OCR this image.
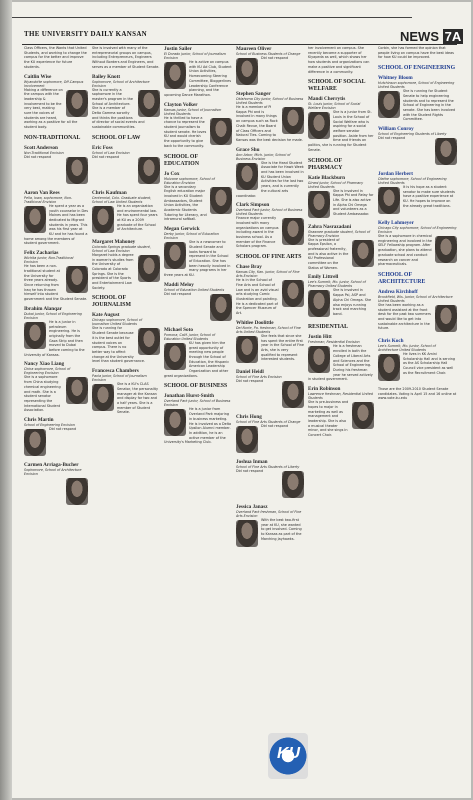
THE UNIVERSITY DAILY KANSAN	NEWS 7A
Class Officers, the Wants that United Students, and working to change the campus for the better and improve the KU experience for future students.
Caitlin Wise
Wyandotte sophomore, Off-Campus Involvement
Making a difference on the campus with the leadership & involvement to be the very best, making sure the voices of students are heard, working as a positive for all the student body.
NON-TRADITIONAL
Scott Anderson
Non-Traditional Envision
Did not respond
Aaron Van Rees
Pella, Iowa, sophomore, Non-Traditional Envision
He spent a year as a youth counselor in Des Moines and has been dedicated to Migrant students in years. This was his first year at KU and he has found a home among the members of student government.
Felix Zacharias
Wichita junior, Non-Traditional Envision
He has been a non-traditional student at the University for three years already. Since returning from Iraq he has thrown himself into student government and the Student Senate.
Ibrahim Alanqar
Dubai junior, School of Engineering Envision
He is a junior in petroleum engineering. He is originally from the Gaza Strip and then moved to Dubai before coming to the University of Kansas.
Nancy Xiao Liang
China sophomore, School of Engineering Envision
She is a sophomore from China studying chemical engineering and math. She is a student senator representing the International Student Association.
Chris Martin
School of Engineering Envision
Did not respond
Carmen Arriaga-Bucher
Sophomore, School of Architecture Envision
She is involved with many of the entrepreneurial groups on campus, including Entrepreneurs, Engineers Without Borders and Engineers, and serves as a member of Student Senate.
Bailey Knott
Sophomore, School of Architecture Envision
She is currently a sophomore in the master's program in the School of Architecture. She is a member of Delta Gamma sorority and thinks the positions of director of social events and sustainable communities.
SCHOOL OF LAW
Eric Foss
School of Law Envision
Did not respond
Chris Kaufman
Centennial, Colo. Graduate student, School of Law United Students
He is an organization and environmental law. He has spent four years at KU as a 2009 graduate of the School of Architecture.
Margaret Mahoney
Colorado Springs graduate student, School of Law Envision
Margaret holds a degree in women's studies from the University of Colorado at Colorado Springs. She is the president of the Sports and Entertainment Law Society.
SCHOOL OF JOURNALISM
Kate August
Chicago sophomore, School of Journalism United Students
She is running for Student Senate because it is the best outlet for student voices on campus. There is no better way to affect change at the University level than student governance.
Francesca Chambers
Paola junior, School of Journalism Envision
She is a KU's CLAS Senator, the personality manager at the Kansan and display for two and a half years. She is a member of Student Senate.
Justin Sailer
El Dorado junior, School of Journalism Envision
He is active on campus with KU Ad Club, Student Union Activities, Homecoming Steering Committee, Bloggerlines Leadership Conference planning, and the upcoming Dance Marathon.
Clayton Volker
Kansas junior, School of Journalism United Students
He is thrilled to have a chance to represent the student journalism to student senate. He loves KU and would cherish the opportunity to give back to the community.
SCHOOL OF EDUCATION
Jo Cox
Mulvane sophomore, School of Education Envision
She is a secondary English education major involved in KU Student Ambassadors, Student Union Activities, the Academic Students Tutoring for Literacy, and intramural softball.
Megan Gerwick
Derby junior, School of Education Envision
She is a newcomer to Student Senate and looks forward to represent in the School of Education. She has been heavily involved in many programs in her three years at KU.
Maddi Meloy
School of Education United Students
Did not respond
Michael Soto
Pomona, Calif. junior, School of Education United Students
KU has given him the great opportunity of meeting new people through the School of Education, the Hispanic American Leadership Organization and other great organizations.
SCHOOL OF BUSINESS
Jonathan Hurst-Smith
Overland Park junior, School of Business Envision
He is a junior from Overland Park majoring in business marketing. He is involved as a Delta Upsilon Alumni member. In addition, he is an active member of the University's Marketing Club.
Maureen Oliver
School of Business Students of Change
Did not respond
Stephen Sanger
Oklahoma City junior, School of Business United Students
He is a member of Pi Kappa Phi and is involved in many things on campus such as Rock Chalk Revue, the Board of Class Officers and Natural Ties. Coming to Kansas was the best decision he made.
Grace Shu
Ann Arbor, Mich. junior, School of Business Envision
She is the Head Student Associate for Hawk Week and has been involved in KU Student Union Activities for the last two years, and is currently the cultural arts coordinator.
Clark Simpson
Overland Park junior, School of Business United Students
Finance major currently involved with many organizations on campus including award in the business school. As a member of the Finance Scholars program.
SCHOOL OF FINE ARTS
Chase Bray
Kansas City, Kan. junior, School of Fine Arts Envision
He is in the School of Fine Arts and School of Law and is an avid visual arts studying Comic illustration and painting. He is a dedicated part of the Spencer Museum of Art.
Whitlee Doolittle
Del Norte, Pa. freshman, School of Fine Arts United Students
She feels that since she has spent the entire first year in the School of Fine Arts, she is very qualified to represent interested students.
Daniel Heidl
School of Fine Arts Envision
Did not respond
Chris Hong
School of Fine Arts Students of Change
Did not respond
Joshua Inman
School of Fine Arts Students of Liberty
Did not respond
Jessica Janasz
Overland Park freshman, School of Fine Arts Envision
With the best two-first year at KU, she wanted to get involved. Coming to Kansas as part of the Marching Jayhawks.
her involvement on campus. She recently became a supporter of Kiyapeda as well, which shows her how students and organizations can make a positive and significant difference in a community.
SCHOOL OF SOCIAL WELFARE
Mandi Cherrytis
St. Louis junior, School of Social Welfare Envision
She is a junior from St. Louis in the School of Social Welfare who is aspiring for a social welfare senator position. Aside from her time and friends on politics, she is running for Student Senate.
SCHOOL OF PHARMACY
Katie Blackburn
Girard junior, School of Pharmacy United Students
She is involved in Kappa Phi and Relay for Life. She is also active in Alpha Chi Omega and volunteers as a Student Ambassador.
Zahra Nasrazadani
Shawnee graduate student, School of Pharmacy Envision
She is president of Kappa Epsilon, a professional fraternity, and is also active in the KU Professional committee on the Status of Women.
Emily Littrell
Lee's Summit, Mo. junior, School of Pharmacy United Students
She is involved in Kappa Psi, ASP and Alpha Chi Omega. She also enjoys running track and marching band.
RESIDENTIAL
Justin Hitt
Freshman, Residential Envision
He is a freshman enrolled in both the College of Liberal Arts and Sciences and the School of Engineering. During his freshman year he served actively in student government.
Erin Robinson
Lawrence freshman, Residential United Students
She is pre-business and hopes to major in marketing as well as management and leadership. She is also a musical theater minor, and she sings in Concert Choir.
Corbin, she has formed the opinion that people living on campus have the best ideas for how KU could be improved.
SCHOOL OF ENGINEERING
Whitney Bloom
Hutchinson sophomore, School of Engineering United Students
She is running for Student Senate to help engineering students and to represent the School of Engineering in the senate. She has been involved with the Student Rights Committee.
William Conroy
School of Engineering Students of Liberty
Did not respond
Jordan Herbert
Olathe sophomore, School of Engineering United Students
It is his hope as a student senator to make sure students have a positive experience at KU. He hopes to improve on the already great traditions.
Kelly Lohmeyer
Chicago City sophomore, School of Engineering Envision
She is a sophomore in chemical engineering and involved in the SELF Fellowship program. After graduation, she plans to attend graduate school and conduct research on cancer and pharmaceuticals.
SCHOOL OF ARCHITECTURE
Andrea Kirchhoff
Brookfield, Wis. Junior, School of Architecture United Students
She has been working as a student assistant at the front desk for the past two summers and would like to get into sustainable architecture in the future.
Chris Koch
Lee's Summit, Mo. Junior, School of Architecture United Students
He lives in KK Amini Scholarship Hall and is serving as the AS Scholarship Hall Council vice president as well as the Recruitment Chair.
Those are the 2009-2010 Student Senate candidates. Voting is April 15 and 16 online at www.vote.ku.edu
KU
